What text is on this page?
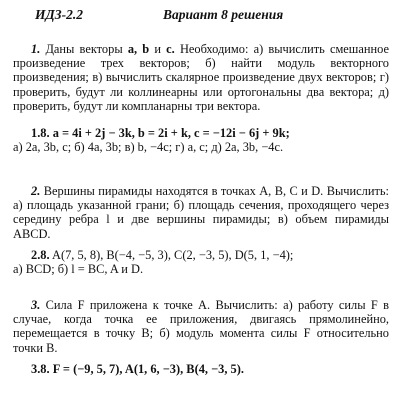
ИДЗ-2.2	Вариант 8 решения

1. Даны векторы a, b и c. Необходимо: а) вычислить смешанное произведение трех векторов; б) найти модуль векторного произведения; в) вычислить скалярное произведение двух векторов; г) проверить, будут ли коллинеарны или ортогональны два вектора; д) проверить, будут ли компланарны три вектора.

1.8. a = 4i + 2j − 3k, b = 2i + k, c = −12i − 6j + 9k;

а) 2a, 3b, c; б) 4a, 3b; в) b, −4c; г) a, c; д) 2a, 3b, −4c.

2. Вершины пирамиды находятся в точках A, B, C и D. Вычислить: а) площадь указанной грани; б) площадь сечения, проходящего через середину ребра l и две вершины пирамиды; в) объем пирамиды ABCD.

2.8. A(7, 5, 8), B(−4, −5, 3), C(2, −3, 5), D(5, 1, −4);

а) BCD; б) l = BC, A и D.

3. Сила F приложена к точке A. Вычислить: а) работу силы F в случае, когда точка ее приложения, двигаясь прямолинейно, перемещается в точку B; б) модуль момента силы F относительно точки B.

3.8. F = (−9, 5, 7), A(1, 6, −3), B(4, −3, 5).
